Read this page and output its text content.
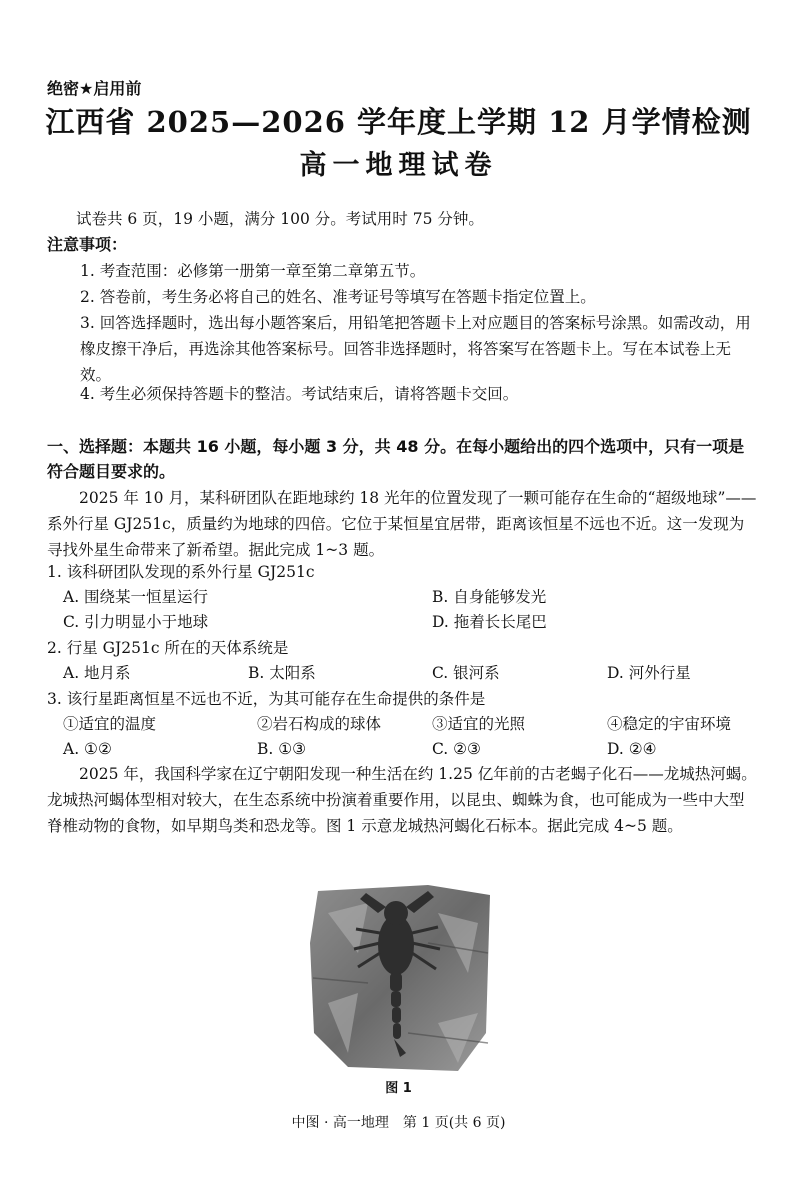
绝密★启用前
江西省 2025—2026 学年度上学期 12 月学情检测
高一地理试卷
试卷共 6 页，19 小题，满分 100 分。考试用时 75 分钟。
注意事项：
1. 考查范围：必修第一册第一章至第二章第五节。
2. 答卷前，考生务必将自己的姓名、准考证号等填写在答题卡指定位置上。
3. 回答选择题时，选出每小题答案后，用铅笔把答题卡上对应题目的答案标号涂黑。如需改动，用橡皮擦干净后，再选涂其他答案标号。回答非选择题时，将答案写在答题卡上。写在本试卷上无效。
4. 考生必须保持答题卡的整洁。考试结束后，请将答题卡交回。
一、选择题：本题共 16 小题，每小题 3 分，共 48 分。在每小题给出的四个选项中，只有一项是符合题目要求的。
2025 年 10 月，某科研团队在距地球约 18 光年的位置发现了一颗可能存在生命的“超级地球”——系外行星 GJ251c，质量约为地球的四倍。它位于某恒星宜居带，距离该恒星不远也不近。这一发现为寻找外星生命带来了新希望。据此完成 1~3 题。
1. 该科研团队发现的系外行星 GJ251c
A. 围绕某一恒星运行	B. 自身能够发光
C. 引力明显小于地球	D. 拖着长长尾巴
2. 行星 GJ251c 所在的天体系统是
A. 地月系	B. 太阳系	C. 银河系	D. 河外行星
3. 该行星距离恒星不远也不近，为其可能存在生命提供的条件是
①适宜的温度	②岩石构成的球体	③适宜的光照	④稳定的宇宙环境
A. ①②	B. ①③	C. ②③	D. ②④
2025 年，我国科学家在辽宁朝阳发现一种生活在约 1.25 亿年前的古老蝎子化石——龙城热河蝎。龙城热河蝎体型相对较大，在生态系统中扮演着重要作用，以昆虫、蜘蛛为食，也可能成为一些中大型脊椎动物的食物，如早期鸟类和恐龙等。图 1 示意龙城热河蝎化石标本。据此完成 4~5 题。
图 1
中图 · 高一地理　第 1 页(共 6 页)
